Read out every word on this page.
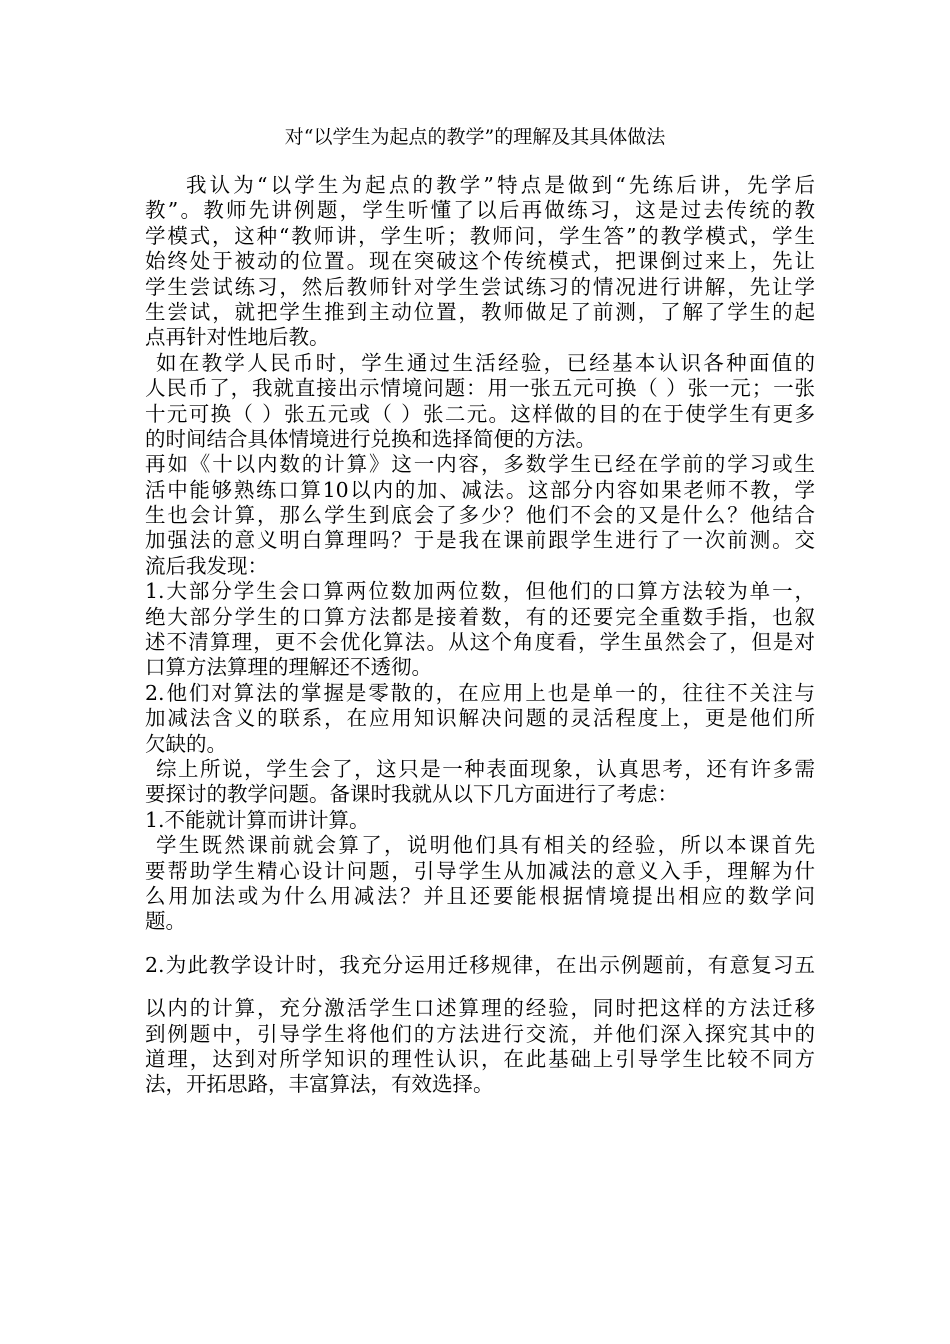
对“以学生为起点的教学”的理解及其具体做法
我认为“以学生为起点的教学”特点是做到“先练后讲，先学后
教”。教师先讲例题，学生听懂了以后再做练习，这是过去传统的教
学模式，这种“教师讲，学生听；教师问，学生答”的教学模式，学生
始终处于被动的位置。现在突破这个传统模式，把课倒过来上，先让
学生尝试练习，然后教师针对学生尝试练习的情况进行讲解，先让学
生尝试，就把学生推到主动位置，教师做足了前测，了解了学生的起
点再针对性地后教。
如在教学人民币时，学生通过生活经验，已经基本认识各种面值的
人民币了，我就直接出示情境问题：用一张五元可换（ ）张一元；一张
十元可换（ ）张五元或（ ）张二元。这样做的目的在于使学生有更多
的时间结合具体情境进行兑换和选择简便的方法。
再如《十以内数的计算》这一内容，多数学生已经在学前的学习或生
活中能够熟练口算10以内的加、减法。这部分内容如果老师不教，学
生也会计算，那么学生到底会了多少？他们不会的又是什么？他结合
加强法的意义明白算理吗？于是我在课前跟学生进行了一次前测。交
流后我发现：
1.大部分学生会口算两位数加两位数，但他们的口算方法较为单一，
绝大部分学生的口算方法都是接着数，有的还要完全重数手指，也叙
述不清算理，更不会优化算法。从这个角度看，学生虽然会了，但是对
口算方法算理的理解还不透彻。
2.他们对算法的掌握是零散的，在应用上也是单一的，往往不关注与
加减法含义的联系，在应用知识解决问题的灵活程度上，更是他们所
欠缺的。
综上所说，学生会了，这只是一种表面现象，认真思考，还有许多需
要探讨的教学问题。备课时我就从以下几方面进行了考虑：
1.不能就计算而讲计算。
学生既然课前就会算了，说明他们具有相关的经验，所以本课首先
要帮助学生精心设计问题，引导学生从加减法的意义入手，理解为什
么用加法或为什么用减法？并且还要能根据情境提出相应的数学问
题。
2.为此教学设计时，我充分运用迁移规律，在出示例题前，有意复习五
以内的计算，充分激活学生口述算理的经验，同时把这样的方法迁移
到例题中，引导学生将他们的方法进行交流，并他们深入探究其中的
道理，达到对所学知识的理性认识，在此基础上引导学生比较不同方
法，开拓思路，丰富算法，有效选择。
